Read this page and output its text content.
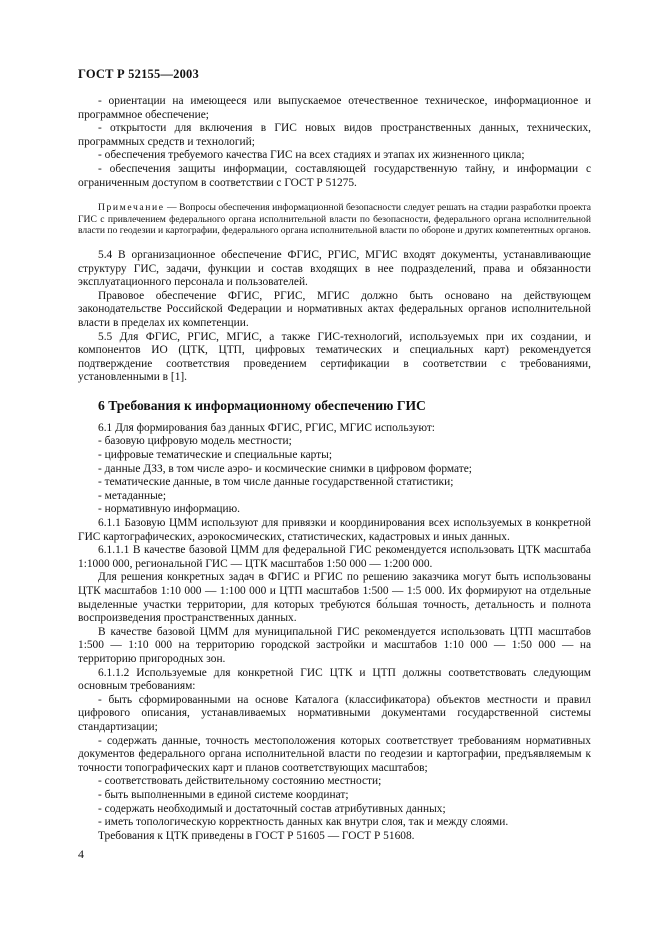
ГОСТ Р 52155—2003

- ориентации на имеющееся или выпускаемое отечественное техническое, информационное и программное обеспечение;

- открытости для включения в ГИС новых видов пространственных данных, технических, программных средств и технологий;

- обеспечения требуемого качества ГИС на всех стадиях и этапах их жизненного цикла;

- обеспечения защиты информации, составляющей государственную тайну, и информации с ограниченным доступом в соответствии с ГОСТ Р 51275.

Примечание — Вопросы обеспечения информационной безопасности следует решать на стадии разработки проекта ГИС с привлечением федерального органа исполнительной власти по безопасности, федерального органа исполнительной власти по геодезии и картографии, федерального органа исполнительной власти по обороне и других компетентных органов.

5.4 В организационное обеспечение ФГИС, РГИС, МГИС входят документы, устанавливающие структуру ГИС, задачи, функции и состав входящих в нее подразделений, права и обязанности эксплуатационного персонала и пользователей.

Правовое обеспечение ФГИС, РГИС, МГИС должно быть основано на действующем законодательстве Российской Федерации и нормативных актах федеральных органов исполнительной власти в пределах их компетенции.

5.5 Для ФГИС, РГИС, МГИС, а также ГИС-технологий, используемых при их создании, и компонентов ИО (ЦТК, ЦТП, цифровых тематических и специальных карт) рекомендуется подтверждение соответствия проведением сертификации в соответствии с требованиями, установленными в [1].

6 Требования к информационному обеспечению ГИС

6.1 Для формирования баз данных ФГИС, РГИС, МГИС используют:

- базовую цифровую модель местности;

- цифровые тематические и специальные карты;

- данные ДЗЗ, в том числе аэро- и космические снимки в цифровом формате;

- тематические данные, в том числе данные государственной статистики;

- метаданные;

- нормативную информацию.

6.1.1 Базовую ЦММ используют для привязки и координирования всех используемых в конкретной ГИС картографических, аэрокосмических, статистических, кадастровых и иных данных.

6.1.1.1 В качестве базовой ЦММ для федеральной ГИС рекомендуется использовать ЦТК масштаба 1:1000 000, региональной ГИС — ЦТК масштабов 1:50 000 — 1:200 000.

Для решения конкретных задач в ФГИС и РГИС по решению заказчика могут быть использованы ЦТК масштабов 1:10 000 — 1:100 000 и ЦТП масштабов 1:500 — 1:5 000. Их формируют на отдельные выделенные участки территории, для которых требуются бо́льшая точность, детальность и полнота воспроизведения пространственных данных.

В качестве базовой ЦММ для муниципальной ГИС рекомендуется использовать ЦТП масштабов 1:500 — 1:10 000 на территорию городской застройки и масштабов 1:10 000 — 1:50 000 — на территорию пригородных зон.

6.1.1.2 Используемые для конкретной ГИС ЦТК и ЦТП должны соответствовать следующим основным требованиям:

- быть сформированными на основе Каталога (классификатора) объектов местности и правил цифрового описания, устанавливаемых нормативными документами государственной системы стандартизации;

- содержать данные, точность местоположения которых соответствует требованиям нормативных документов федерального органа исполнительной власти по геодезии и картографии, предъявляемым к точности топографических карт и планов соответствующих масштабов;

- соответствовать действительному состоянию местности;

- быть выполненными в единой системе координат;

- содержать необходимый и достаточный состав атрибутивных данных;

- иметь топологическую корректность данных как внутри слоя, так и между слоями.

Требования к ЦТК приведены в ГОСТ Р 51605 — ГОСТ Р 51608.

4
